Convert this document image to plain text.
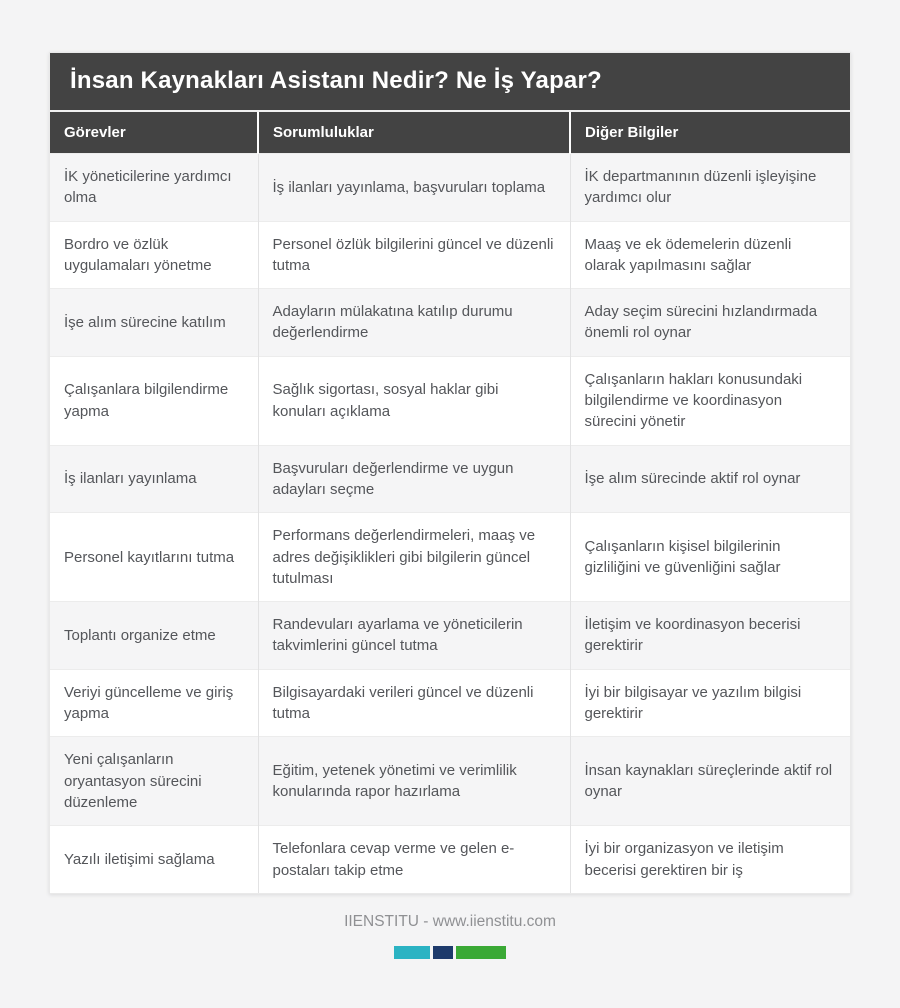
İnsan Kaynakları Asistanı Nedir? Ne İş Yapar?
Görevler	Sorumluluklar	Diğer Bilgiler
İK yöneticilerine yardımcı olma	İş ilanları yayınlama, başvuruları toplama	İK departmanının düzenli işleyişine yardımcı olur
Bordro ve özlük uygulamaları yönetme	Personel özlük bilgilerini güncel ve düzenli tutma	Maaş ve ek ödemelerin düzenli olarak yapılmasını sağlar
İşe alım sürecine katılım	Adayların mülakatına katılıp durumu değerlendirme	Aday seçim sürecini hızlandırmada önemli rol oynar
Çalışanlara bilgilendirme yapma	Sağlık sigortası, sosyal haklar gibi konuları açıklama	Çalışanların hakları konusundaki bilgilendirme ve koordinasyon sürecini yönetir
İş ilanları yayınlama	Başvuruları değerlendirme ve uygun adayları seçme	İşe alım sürecinde aktif rol oynar
Personel kayıtlarını tutma	Performans değerlendirmeleri, maaş ve adres değişiklikleri gibi bilgilerin güncel tutulması	Çalışanların kişisel bilgilerinin gizliliğini ve güvenliğini sağlar
Toplantı organize etme	Randevuları ayarlama ve yöneticilerin takvimlerini güncel tutma	İletişim ve koordinasyon becerisi gerektirir
Veriyi güncelleme ve giriş yapma	Bilgisayardaki verileri güncel ve düzenli tutma	İyi bir bilgisayar ve yazılım bilgisi gerektirir
Yeni çalışanların oryantasyon sürecini düzenleme	Eğitim, yetenek yönetimi ve verimlilik konularında rapor hazırlama	İnsan kaynakları süreçlerinde aktif rol oynar
Yazılı iletişimi sağlama	Telefonlara cevap verme ve gelen e-postaları takip etme	İyi bir organizasyon ve iletişim becerisi gerektiren bir iş
IIENSTITU - www.iienstitu.com
